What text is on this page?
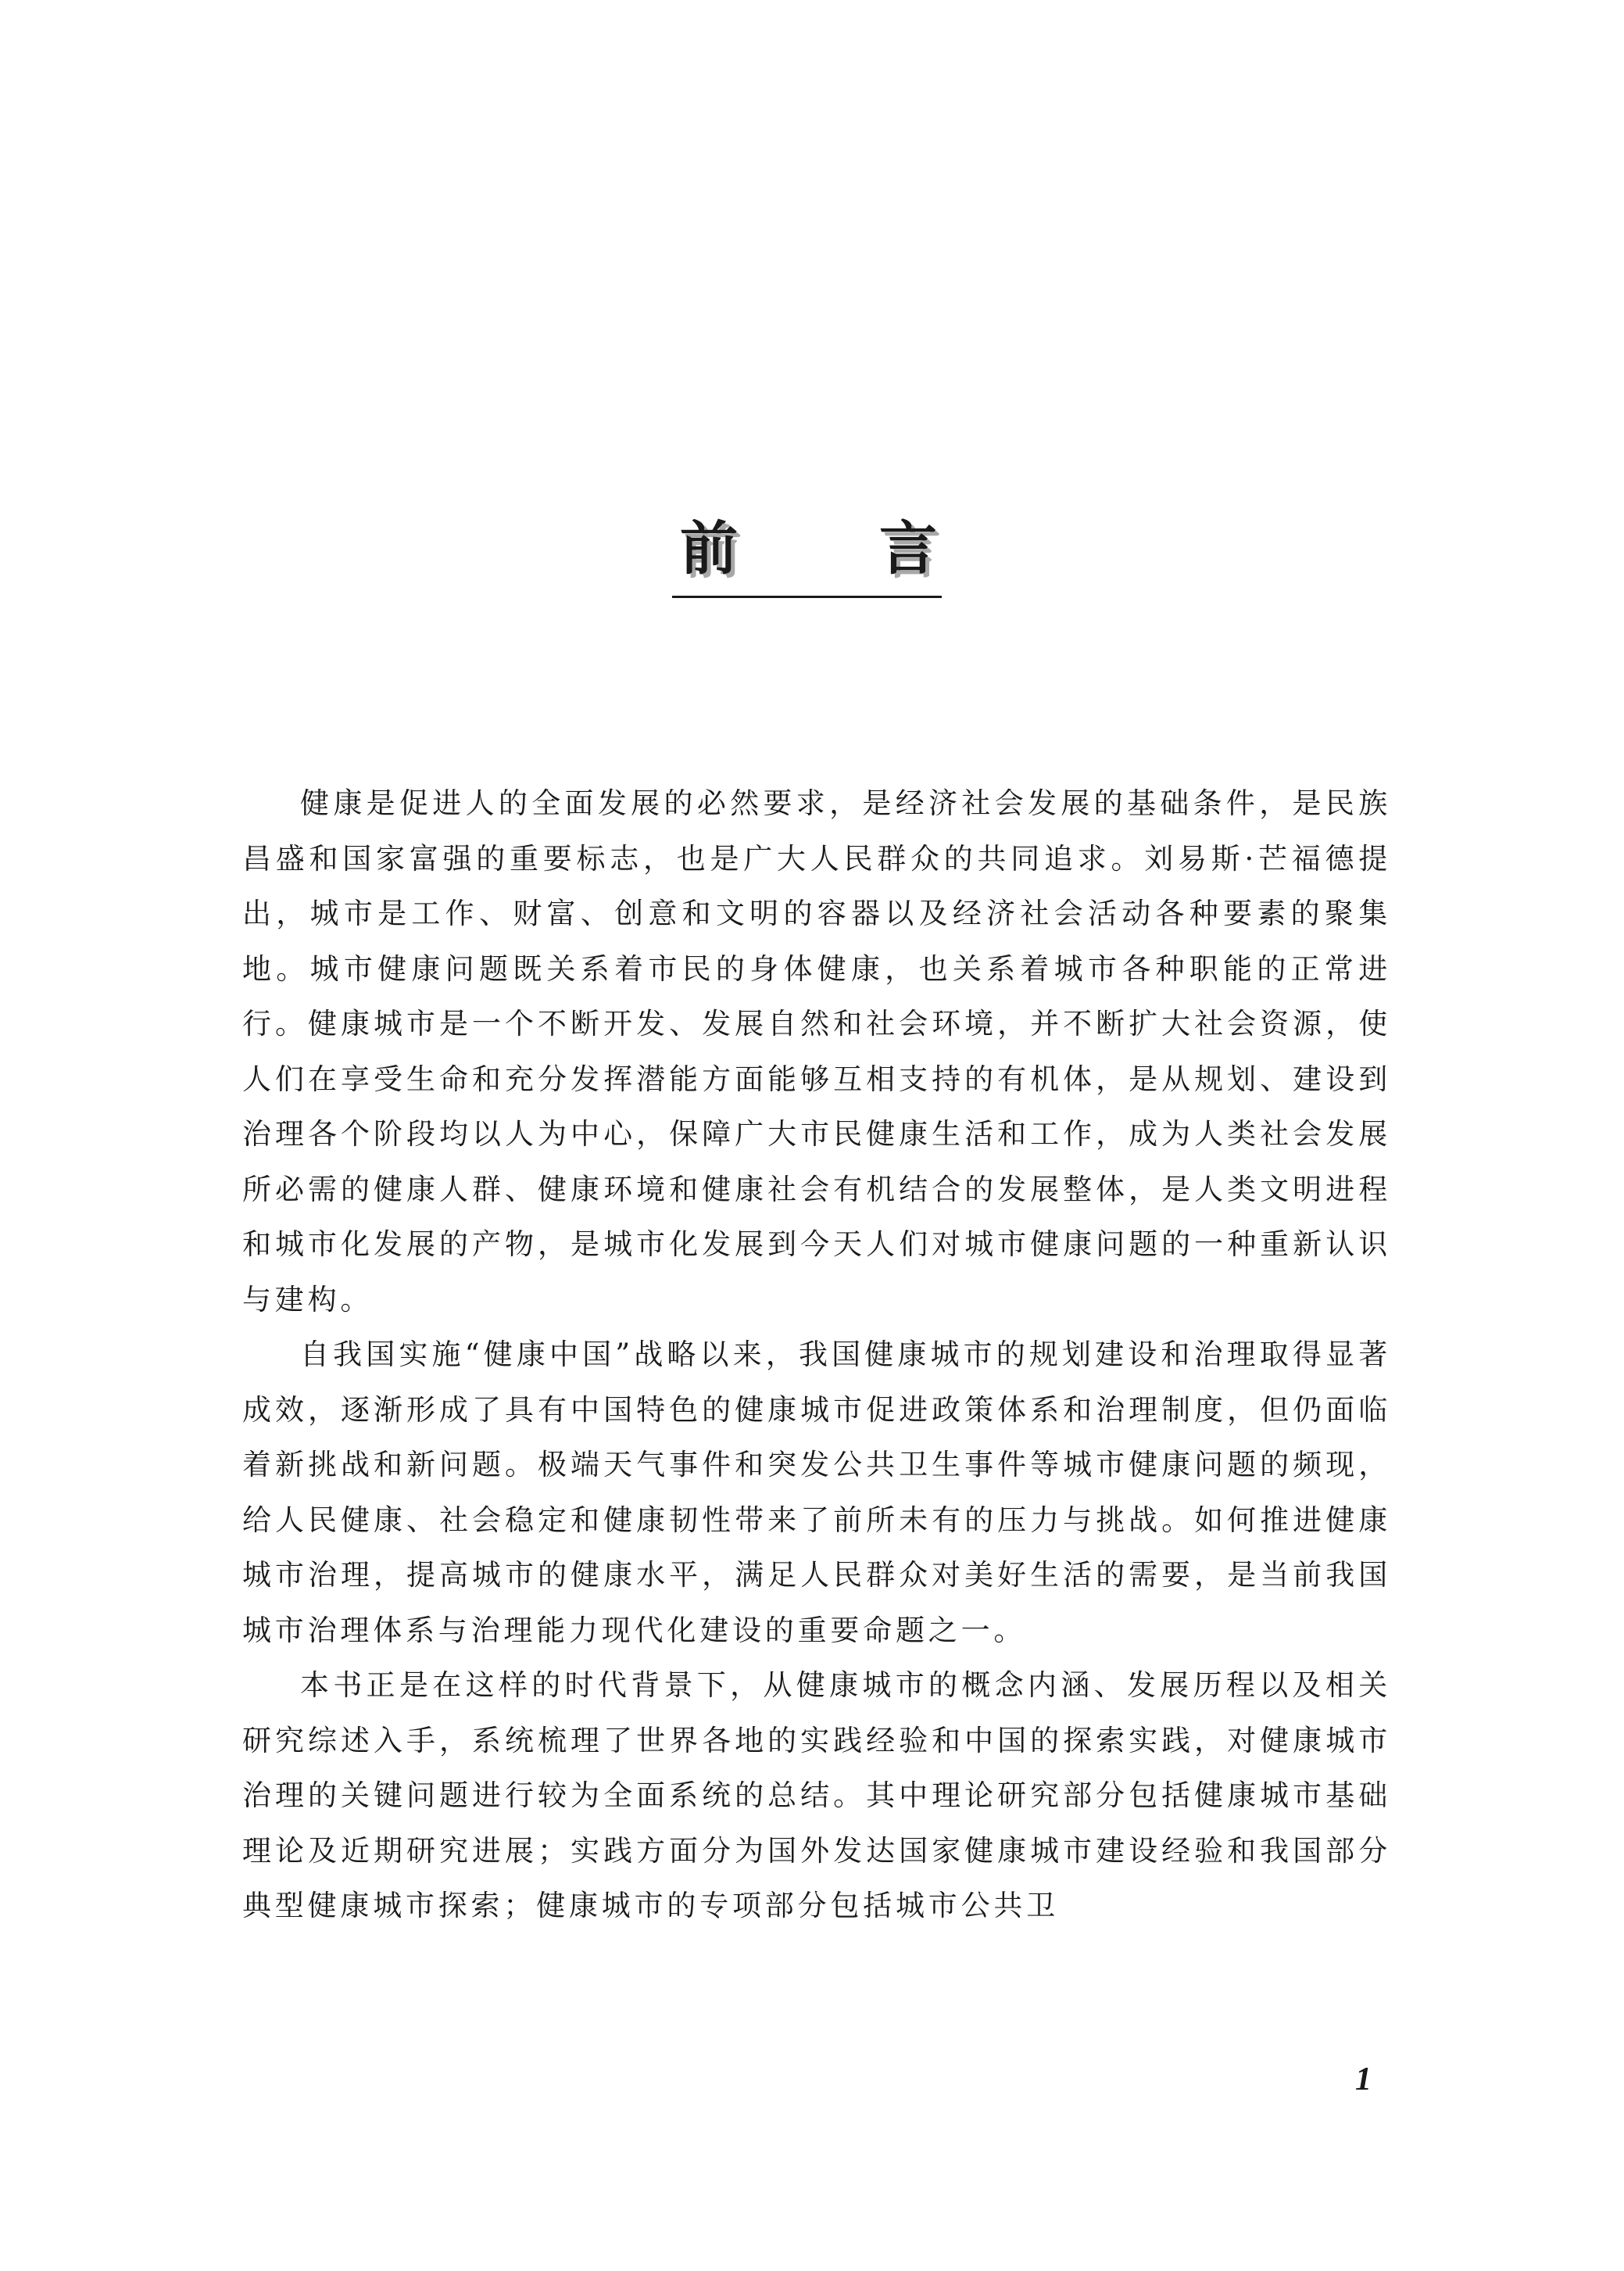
前 言

健康是促进人的全面发展的必然要求，是经济社会发展的基础条件，是民族昌盛和国家富强的重要标志，也是广大人民群众的共同追求。刘易斯·芒福德提出，城市是工作、财富、创意和文明的容器以及经济社会活动各种要素的聚集地。城市健康问题既关系着市民的身体健康，也关系着城市各种职能的正常进行。健康城市是一个不断开发、发展自然和社会环境，并不断扩大社会资源，使人们在享受生命和充分发挥潜能方面能够互相支持的有机体，是从规划、建设到治理各个阶段均以人为中心，保障广大市民健康生活和工作，成为人类社会发展所必需的健康人群、健康环境和健康社会有机结合的发展整体，是人类文明进程和城市化发展的产物，是城市化发展到今天人们对城市健康问题的一种重新认识与建构。

自我国实施“健康中国”战略以来，我国健康城市的规划建设和治理取得显著成效，逐渐形成了具有中国特色的健康城市促进政策体系和治理制度，但仍面临着新挑战和新问题。极端天气事件和突发公共卫生事件等城市健康问题的频现，给人民健康、社会稳定和健康韧性带来了前所未有的压力与挑战。如何推进健康城市治理，提高城市的健康水平，满足人民群众对美好生活的需要，是当前我国城市治理体系与治理能力现代化建设的重要命题之一。

本书正是在这样的时代背景下，从健康城市的概念内涵、发展历程以及相关研究综述入手，系统梳理了世界各地的实践经验和中国的探索实践，对健康城市治理的关键问题进行较为全面系统的总结。其中理论研究部分包括健康城市基础理论及近期研究进展；实践方面分为国外发达国家健康城市建设经验和我国部分典型健康城市探索；健康城市的专项部分包括城市公共卫

1
